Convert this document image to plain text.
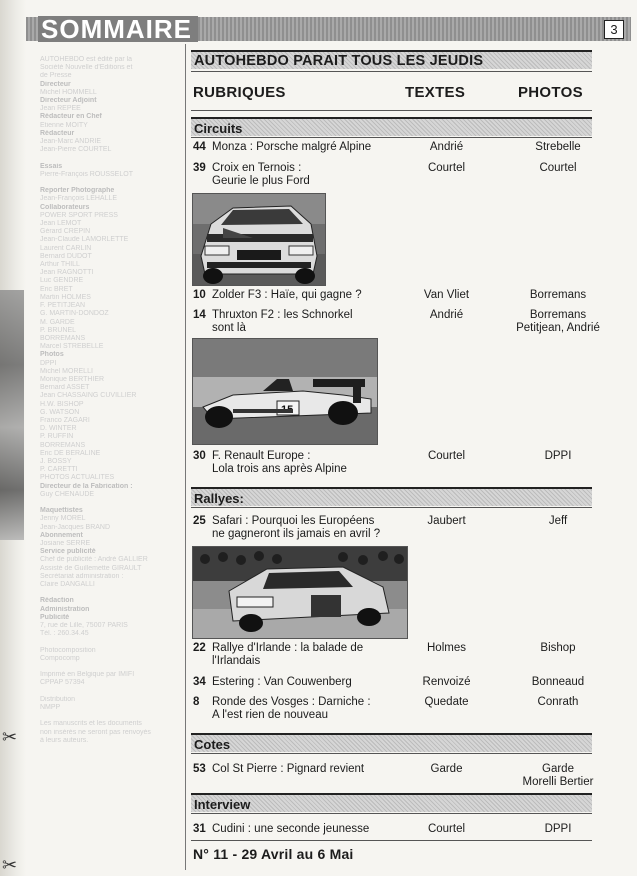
✂
✂
SOMMAIRE	3
AUTOHEBDO est édité par la
Société Nouvelle d'Éditions et
de Presse
Directeur
Michel HOMMELL
Directeur Adjoint
Jean RÉPÉE
Rédacteur en Chef
Etienne MOITY
Rédacteur
Jean-Marc ANDRIÉ
Jean-Pierre COURTEL

Essais
Pierre-François ROUSSELOT

Reporter Photographe
Jean-François LEHALLE
Collaborateurs
POWER SPORT PRESS
Jean LEMOT
Gérard CRÉPIN
Jean-Claude LAMORLETTE
Laurent CARLIN
Bernard DUDOT
Arthur THILL
Jean RAGNOTTI
Luc GENDRE
Eric BRET
Martin HOLMES
F. PETITJEAN
G. MARTIN-DONDOZ
M. GARDE
P. BRUNEL
BORREMANS
Marcel STREBELLE
Photos
DPPI
Michel MORELLI
Monique BERTHIER
Bernard ASSET
Jean CHASSAING CUVILLIER
H.W. BISHOP
G. WATSON
Franco ZAGARI
D. WINTER
P. RUFFIN
BORREMANS
Eric DE BERALINE
J. BOSSY
P. CARETTI
PHOTOS ACTUALITÉS
Directeur de la Fabrication :
Guy CHÉNAUDE

Maquettistes
Jenny MOREL
Jean-Jacques BRAND
Abonnement
Josiane SERRE
Service publicité
Chef de publicité : André GALLIER
Assisté de Guillemette GIRAULT
Secrétariat administration :
Claire DANGALLI

Rédaction
Administration
Publicité
7, rue de Lille, 75007 PARIS
Tél. : 260.34.45

Photocomposition
Compocomp

Imprimé en Belgique par IMIFI
CPPAP 57394

Distribution
NMPP

Les manuscrits et les documents
non insérés ne seront pas renvoyés
à leurs auteurs.
AUTOHEBDO PARAIT TOUS LES JEUDIS
RUBRIQUES	TEXTES	PHOTOS
Circuits
44 Monza : Porsche malgré Alpine	Andrié	Strebelle
39 Croix en Ternois :
Geurie le plus Ford
Courtel	Courtel
10 Zolder F3 : Haïe, qui gagne ?	Van Vliet	Borremans
14 Thruxton F2 : les Schnorkel
sont là
Andrié	Borremans
Petitjean, Andrié
30 F. Renault Europe :
Lola trois ans après Alpine
Courtel	DPPI
Rallyes:
25 Safari : Pourquoi les Européens
ne gagneront ils jamais en avril ?
Jaubert	Jeff
22 Rallye d'Irlande : la balade de
l'Irlandais
Holmes	Bishop
34 Estering : Van Couwenberg	Renvoizé	Bonneaud
8	Ronde des Vosges : Darniche :
A l'est rien de nouveau
Quedate	Conrath
Cotes
53 Col St Pierre : Pignard revient	Garde	Garde
Morelli Bertier
Interview
31 Cudini : une seconde jeunesse	Courtel	DPPI
N° 11 - 29 Avril au 6 Mai
